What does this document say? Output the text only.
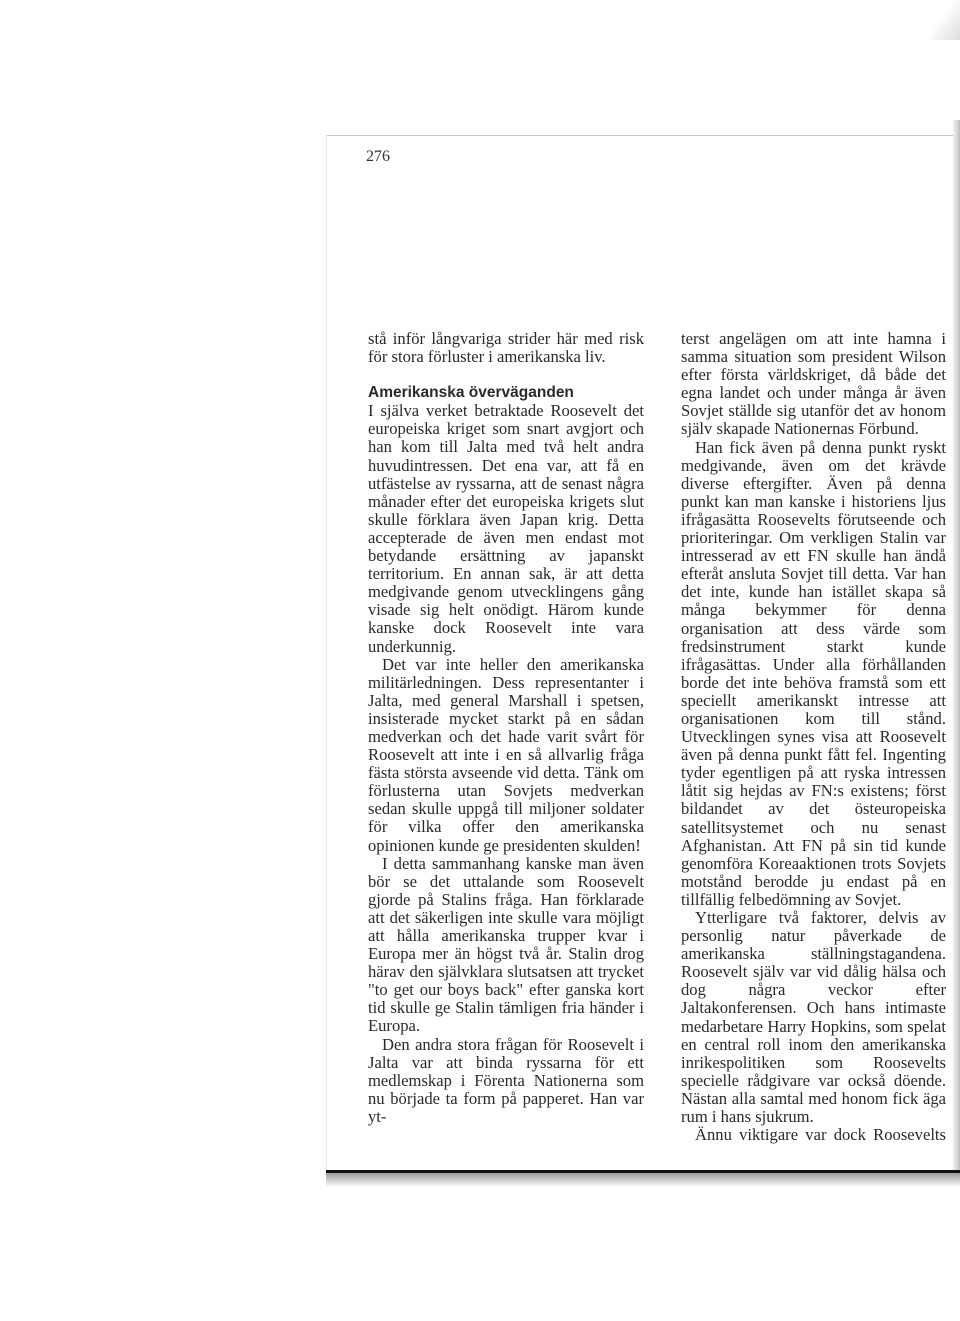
276

stå inför långvariga strider här med risk för stora förluster i amerikanska liv.

Amerikanska överväganden

I själva verket betraktade Roosevelt det europeiska kriget som snart avgjort och han kom till Jalta med två helt andra huvudintressen. Det ena var, att få en utfästelse av ryssarna, att de senast några månader efter det europeiska krigets slut skulle förklara även Japan krig. Detta accepterade de även men endast mot betydande ersättning av japanskt territorium. En annan sak, är att detta medgivande genom utvecklingens gång visade sig helt onödigt. Härom kunde kanske dock Roosevelt inte vara underkunnig.

Det var inte heller den amerikanska militärledningen. Dess representanter i Jalta, med general Marshall i spetsen, insisterade mycket starkt på en sådan medverkan och det hade varit svårt för Roosevelt att inte i en så allvarlig fråga fästa största avseende vid detta. Tänk om förlusterna utan Sovjets medverkan sedan skulle uppgå till miljoner soldater för vilka offer den amerikanska opinionen kunde ge presidenten skulden!

I detta sammanhang kanske man även bör se det uttalande som Roosevelt gjorde på Stalins fråga. Han förklarade att det säkerligen inte skulle vara möjligt att hålla amerikanska trupper kvar i Europa mer än högst två år. Stalin drog härav den självklara slutsatsen att trycket "to get our boys back" efter ganska kort tid skulle ge Stalin tämligen fria händer i Europa.

Den andra stora frågan för Roosevelt i Jalta var att binda ryssarna för ett medlemskap i Förenta Nationerna som nu började ta form på papperet. Han var yt-

terst angelägen om att inte hamna i samma situation som president Wilson efter första världskriget, då både det egna landet och under många år även Sovjet ställde sig utanför det av honom själv skapade Nationernas Förbund.

Han fick även på denna punkt ryskt medgivande, även om det krävde diverse eftergifter. Även på denna punkt kan man kanske i historiens ljus ifrågasätta Roosevelts förutseende och prioriteringar. Om verkligen Stalin var intresserad av ett FN skulle han ändå efteråt ansluta Sovjet till detta. Var han det inte, kunde han istället skapa så många bekymmer för denna organisation att dess värde som fredsinstrument starkt kunde ifrågasättas. Under alla förhållanden borde det inte behöva framstå som ett speciellt amerikanskt intresse att organisationen kom till stånd. Utvecklingen synes visa att Roosevelt även på denna punkt fått fel. Ingenting tyder egentligen på att ryska intressen låtit sig hejdas av FN:s existens; först bildandet av det östeuropeiska satellitsystemet och nu senast Afghanistan. Att FN på sin tid kunde genomföra Koreaaktionen trots Sovjets motstånd berodde ju endast på en tillfällig felbedömning av Sovjet.

Ytterligare två faktorer, delvis av personlig natur påverkade de amerikanska ställningstagandena. Roosevelt själv var vid dålig hälsa och dog några veckor efter Jaltakonferensen. Och hans intimaste medarbetare Harry Hopkins, som spelat en central roll inom den amerikanska inrikespolitiken som Roosevelts specielle rådgivare var också döende. Nästan alla samtal med honom fick äga rum i hans sjukrum.

Ännu viktigare var dock Roosevelts
